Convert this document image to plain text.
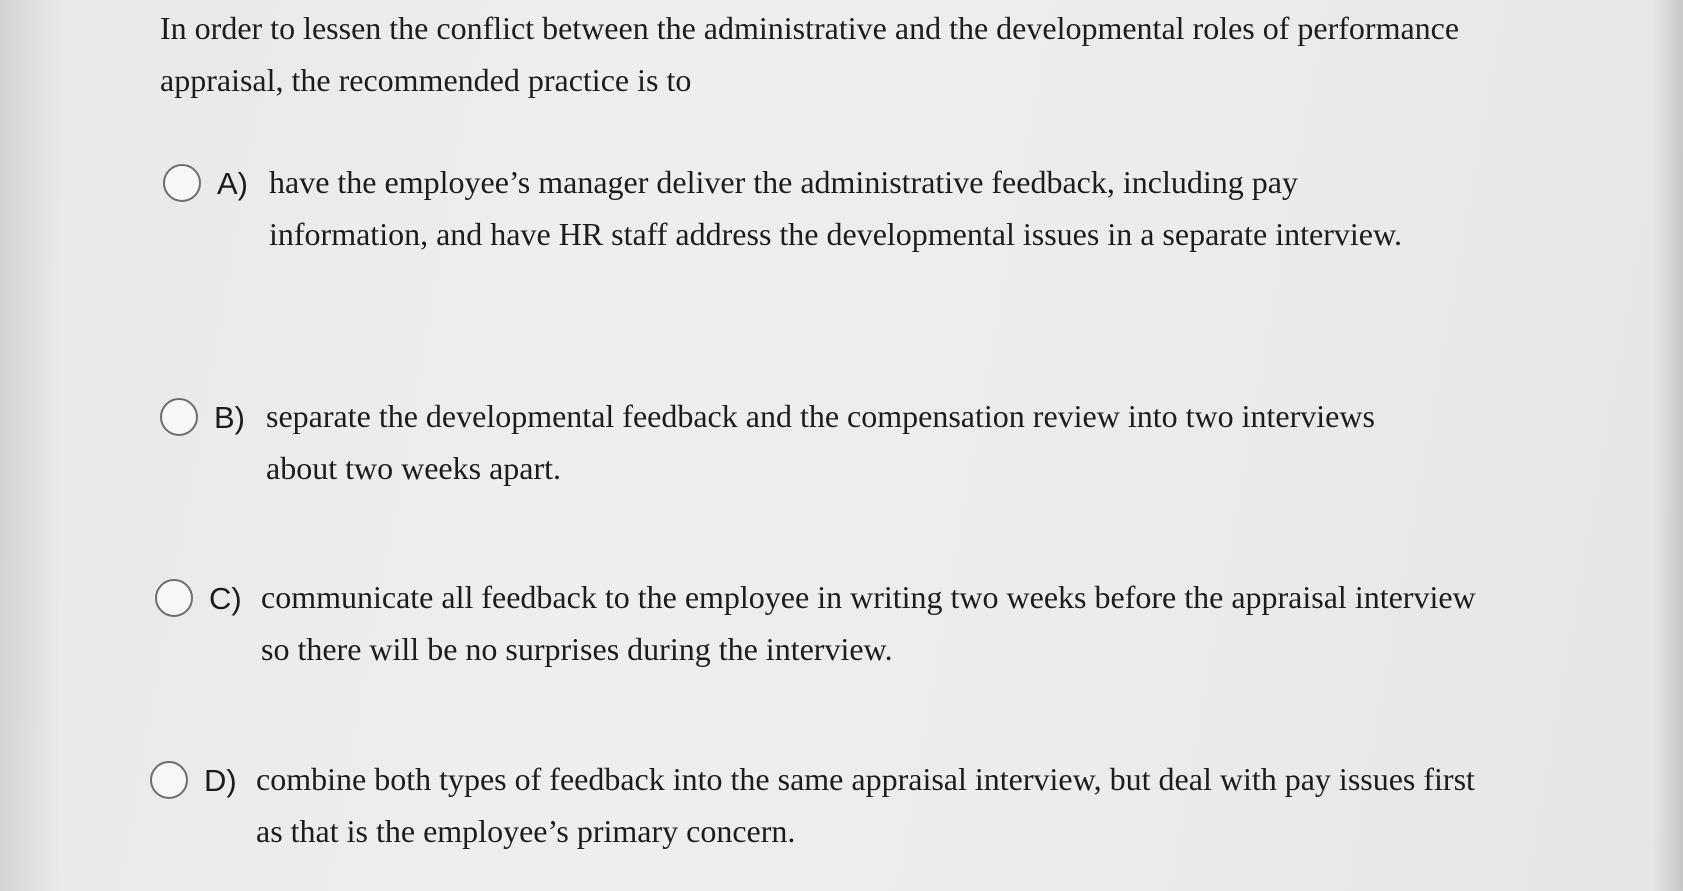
In order to lessen the conflict between the administrative and the developmental roles of performance appraisal, the recommended practice is to

A) have the employee’s manager deliver the administrative feedback, including pay information, and have HR staff address the developmental issues in a separate interview.
B) separate the developmental feedback and the compensation review into two interviews about two weeks apart.
C) communicate all feedback to the employee in writing two weeks before the appraisal interview so there will be no surprises during the interview.
D) combine both types of feedback into the same appraisal interview, but deal with pay issues first as that is the employee’s primary concern.
